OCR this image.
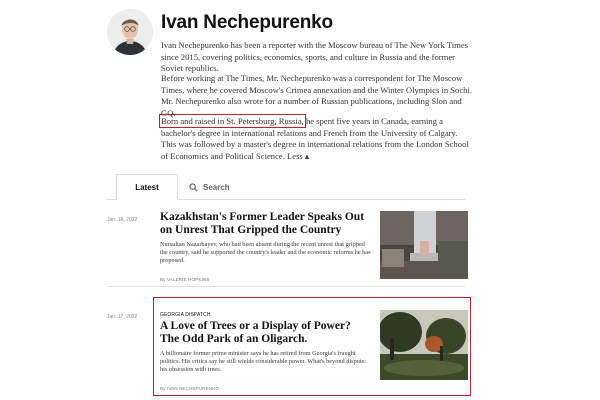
Ivan Nechepurenko

Ivan Nechepurenko has been a reporter with the Moscow bureau of The New York Times since 2015, covering politics, economics, sports, and culture in Russia and the former Soviet republics.

Before working at The Times, Mr. Nechepurenko was a correspondent for The Moscow Times, where he covered Moscow's Crimea annexation and the Winter Olympics in Sochi. Mr. Nechepurenko also wrote for a number of Russian publications, including Slon and GQ.

Born and raised in St. Petersburg, Russia, he spent five years in Canada, earning a bachelor's degree in international relations and French from the University of Calgary. This was followed by a master's degree in international relations from the London School of Economics and Political Science. Less ▴

Latest	Search
Jan. 18, 2022 Kazakhstan's Former Leader Speaks Out on Unrest That Gripped the Country
Nursultan Nazarbayev, who had been absent during the recent unrest that gripped the country, said he supported the country's leader and the economic reforms he has proposed.
By VALERIE HOPKINS
Jan. 17, 2022	GEORGIA DISPATCH
A Love of Trees or a Display of Power? The Odd Park of an Oligarch.
A billionaire former prime minister says he has retired from Georgia's fraught politics. His critics say he still wields considerable power. What's beyond dispute: his obsession with trees.
By IVAN NECHEPURENKO
